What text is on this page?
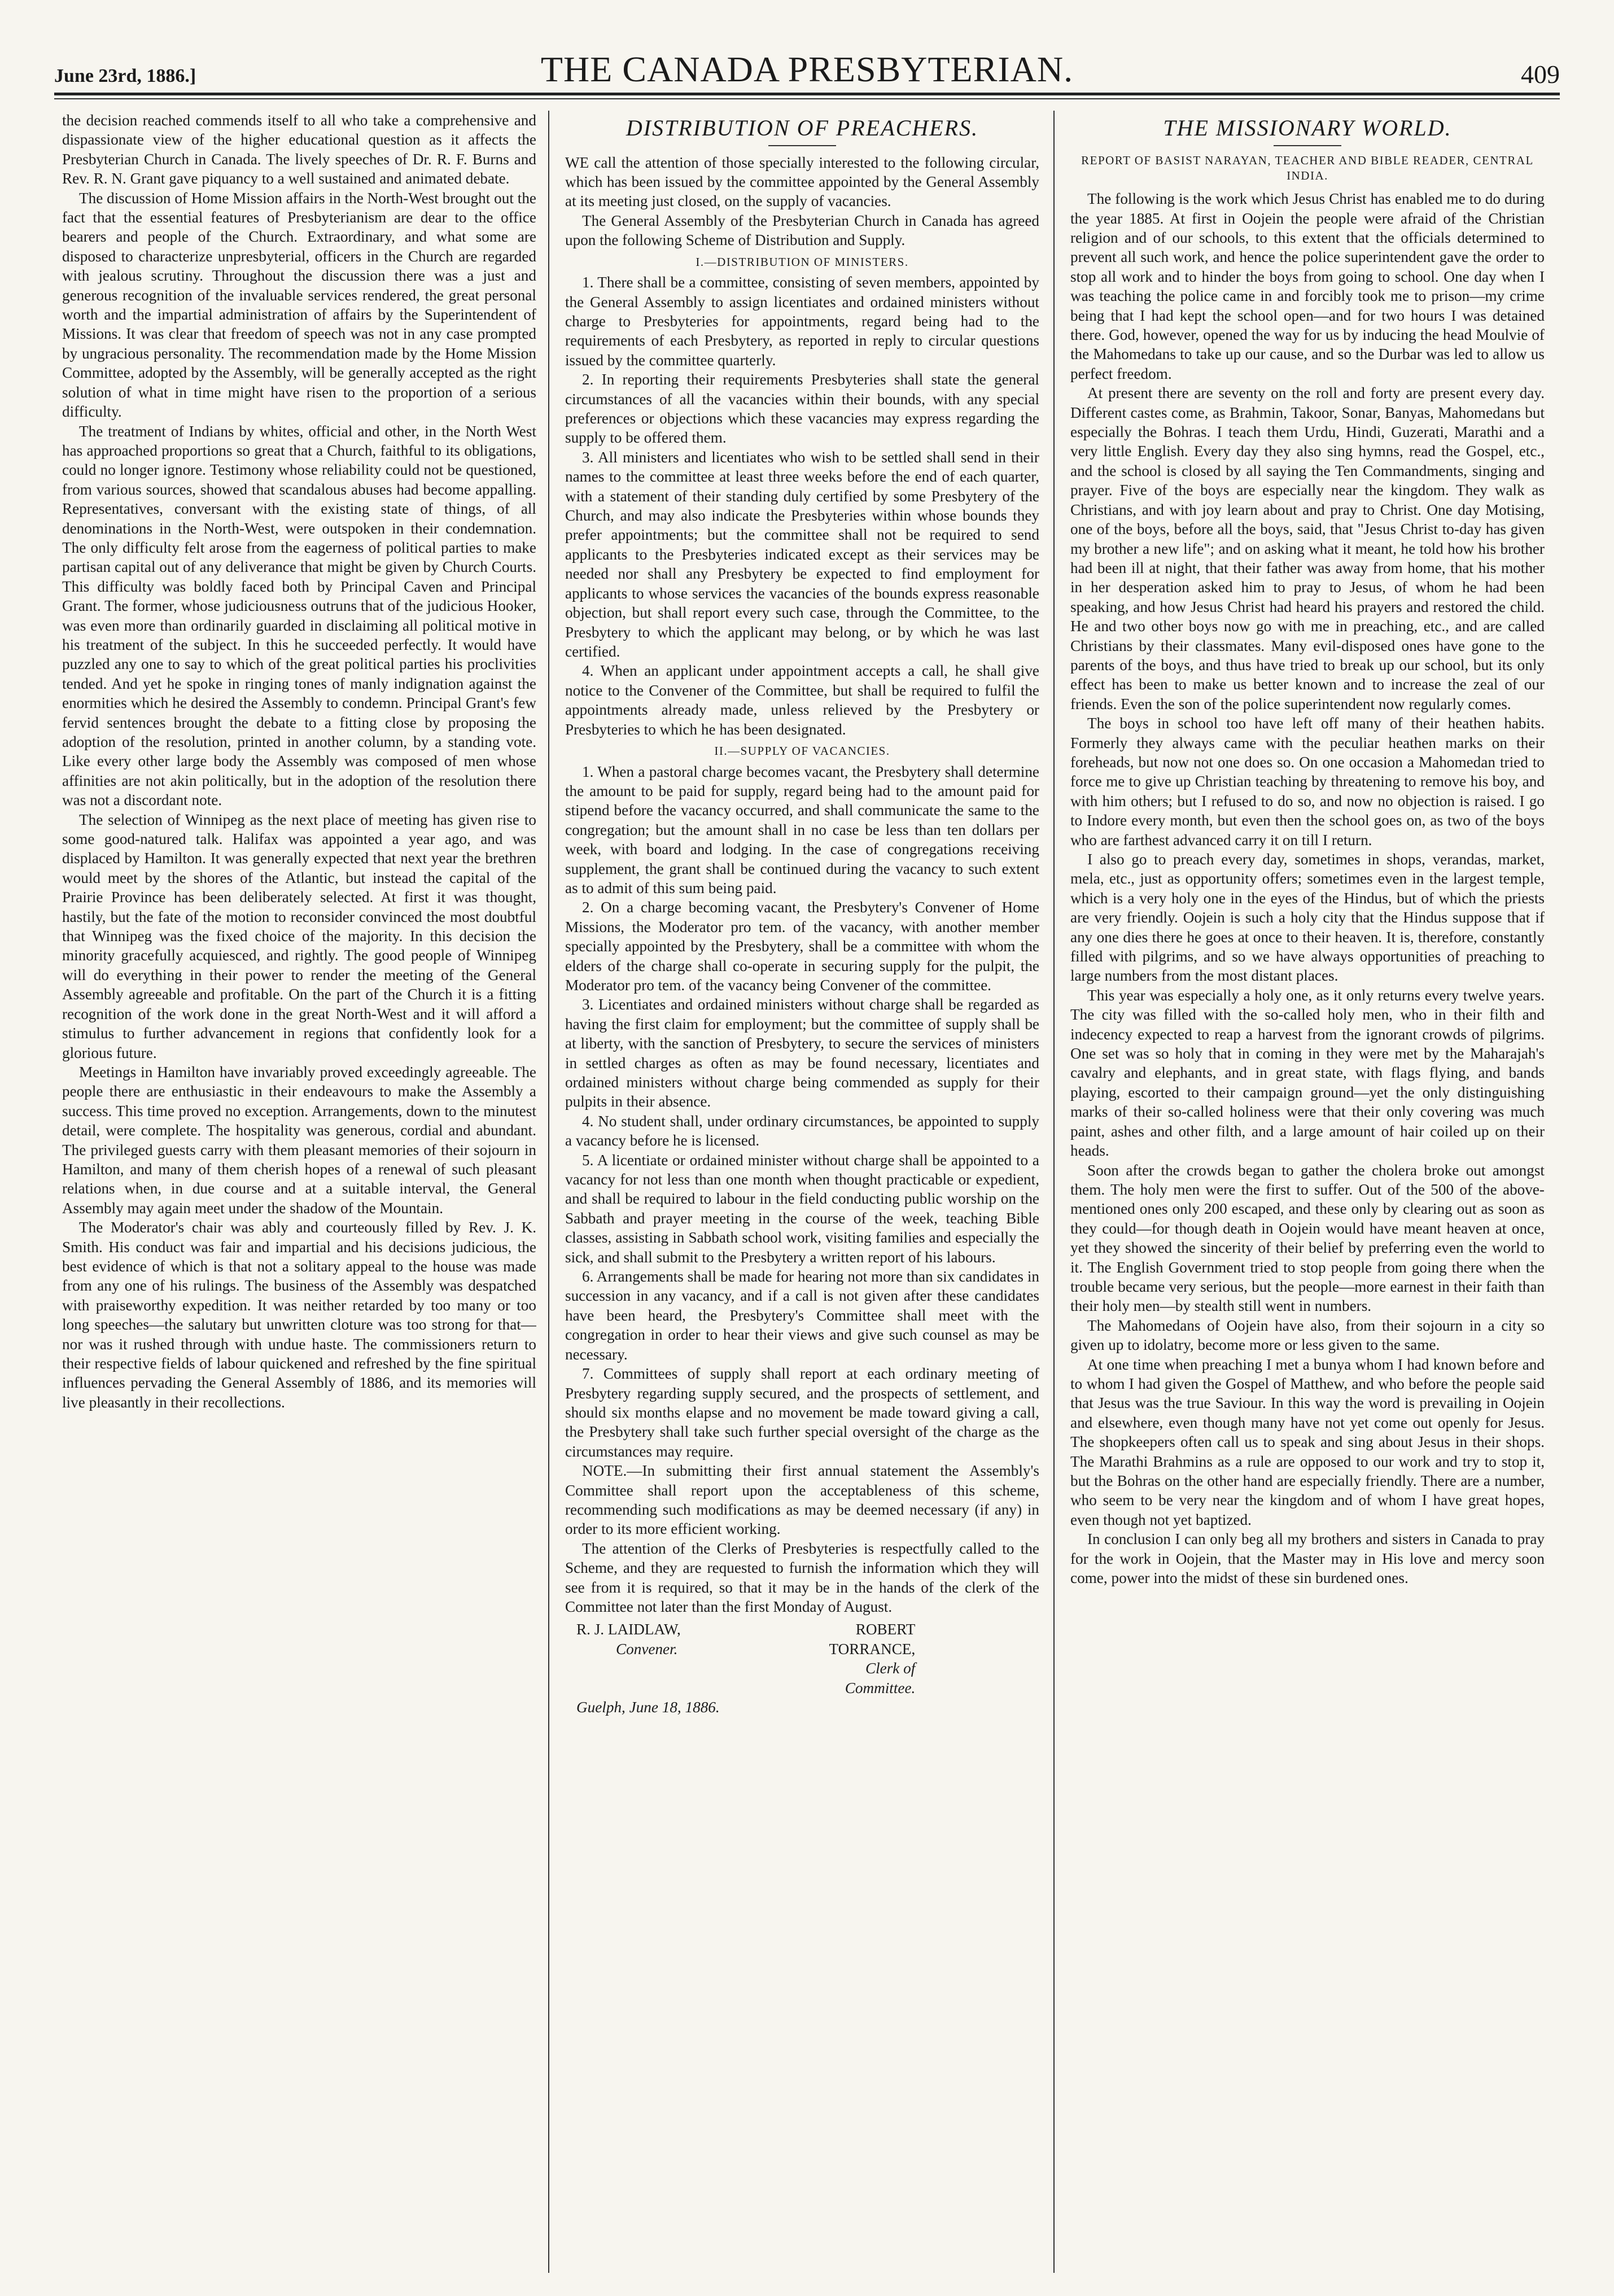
June 23rd, 1886.]	THE CANADA PRESBYTERIAN.	409

the decision reached commends itself to all who take a comprehensive and dispassionate view of the higher educational question as it affects the Presbyterian Church in Canada. The lively speeches of Dr. R. F. Burns and Rev. R. N. Grant gave piquancy to a well sustained and animated debate.

The discussion of Home Mission affairs in the North-West brought out the fact that the essential features of Presbyterianism are dear to the office bearers and people of the Church. Extraordinary, and what some are disposed to characterize unpresbyterial, officers in the Church are regarded with jealous scrutiny. Throughout the discussion there was a just and generous recognition of the invaluable services rendered, the great personal worth and the impartial administration of affairs by the Superintendent of Missions. It was clear that freedom of speech was not in any case prompted by ungracious personality. The recommendation made by the Home Mission Committee, adopted by the Assembly, will be generally accepted as the right solution of what in time might have risen to the proportion of a serious difficulty.

The treatment of Indians by whites, official and other, in the North West has approached proportions so great that a Church, faithful to its obligations, could no longer ignore. Testimony whose reliability could not be questioned, from various sources, showed that scandalous abuses had become appalling. Representatives, conversant with the existing state of things, of all denominations in the North-West, were outspoken in their condemnation. The only difficulty felt arose from the eagerness of political parties to make partisan capital out of any deliverance that might be given by Church Courts. This difficulty was boldly faced both by Principal Caven and Principal Grant. The former, whose judiciousness outruns that of the judicious Hooker, was even more than ordinarily guarded in disclaiming all political motive in his treatment of the subject. In this he succeeded perfectly. It would have puzzled any one to say to which of the great political parties his proclivities tended. And yet he spoke in ringing tones of manly indignation against the enormities which he desired the Assembly to condemn. Principal Grant's few fervid sentences brought the debate to a fitting close by proposing the adoption of the resolution, printed in another column, by a standing vote. Like every other large body the Assembly was composed of men whose affinities are not akin politically, but in the adoption of the resolution there was not a discordant note.

The selection of Winnipeg as the next place of meeting has given rise to some good-natured talk. Halifax was appointed a year ago, and was displaced by Hamilton. It was generally expected that next year the brethren would meet by the shores of the Atlantic, but instead the capital of the Prairie Province has been deliberately selected. At first it was thought, hastily, but the fate of the motion to reconsider convinced the most doubtful that Winnipeg was the fixed choice of the majority. In this decision the minority gracefully acquiesced, and rightly. The good people of Winnipeg will do everything in their power to render the meeting of the General Assembly agreeable and profitable. On the part of the Church it is a fitting recognition of the work done in the great North-West and it will afford a stimulus to further advancement in regions that confidently look for a glorious future.

Meetings in Hamilton have invariably proved exceedingly agreeable. The people there are enthusiastic in their endeavours to make the Assembly a success. This time proved no exception. Arrangements, down to the minutest detail, were complete. The hospitality was generous, cordial and abundant. The privileged guests carry with them pleasant memories of their sojourn in Hamilton, and many of them cherish hopes of a renewal of such pleasant relations when, in due course and at a suitable interval, the General Assembly may again meet under the shadow of the Mountain.

The Moderator's chair was ably and courteously filled by Rev. J. K. Smith. His conduct was fair and impartial and his decisions judicious, the best evidence of which is that not a solitary appeal to the house was made from any one of his rulings. The business of the Assembly was despatched with praiseworthy expedition. It was neither retarded by too many or too long speeches—the salutary but unwritten cloture was too strong for that—nor was it rushed through with undue haste. The commissioners return to their respective fields of labour quickened and refreshed by the fine spiritual influences pervading the General Assembly of 1886, and its memories will live pleasantly in their recollections.

DISTRIBUTION OF PREACHERS.

WE call the attention of those specially interested to the following circular, which has been issued by the committee appointed by the General Assembly at its meeting just closed, on the supply of vacancies.

The General Assembly of the Presbyterian Church in Canada has agreed upon the following Scheme of Distribution and Supply.

I.—DISTRIBUTION OF MINISTERS.

1. There shall be a committee, consisting of seven members, appointed by the General Assembly to assign licentiates and ordained ministers without charge to Presbyteries for appointments, regard being had to the requirements of each Presbytery, as reported in reply to circular questions issued by the committee quarterly.

2. In reporting their requirements Presbyteries shall state the general circumstances of all the vacancies within their bounds, with any special preferences or objections which these vacancies may express regarding the supply to be offered them.

3. All ministers and licentiates who wish to be settled shall send in their names to the committee at least three weeks before the end of each quarter, with a statement of their standing duly certified by some Presbytery of the Church, and may also indicate the Presbyteries within whose bounds they prefer appointments; but the committee shall not be required to send applicants to the Presbyteries indicated except as their services may be needed nor shall any Presbytery be expected to find employment for applicants to whose services the vacancies of the bounds express reasonable objection, but shall report every such case, through the Committee, to the Presbytery to which the applicant may belong, or by which he was last certified.

4. When an applicant under appointment accepts a call, he shall give notice to the Convener of the Committee, but shall be required to fulfil the appointments already made, unless relieved by the Presbytery or Presbyteries to which he has been designated.

II.—SUPPLY OF VACANCIES.

1. When a pastoral charge becomes vacant, the Presbytery shall determine the amount to be paid for supply, regard being had to the amount paid for stipend before the vacancy occurred, and shall communicate the same to the congregation; but the amount shall in no case be less than ten dollars per week, with board and lodging. In the case of congregations receiving supplement, the grant shall be continued during the vacancy to such extent as to admit of this sum being paid.

2. On a charge becoming vacant, the Presbytery's Convener of Home Missions, the Moderator pro tem. of the vacancy, with another member specially appointed by the Presbytery, shall be a committee with whom the elders of the charge shall co-operate in securing supply for the pulpit, the Moderator pro tem. of the vacancy being Convener of the committee.

3. Licentiates and ordained ministers without charge shall be regarded as having the first claim for employment; but the committee of supply shall be at liberty, with the sanction of Presbytery, to secure the services of ministers in settled charges as often as may be found necessary, licentiates and ordained ministers without charge being commended as supply for their pulpits in their absence.

4. No student shall, under ordinary circumstances, be appointed to supply a vacancy before he is licensed.

5. A licentiate or ordained minister without charge shall be appointed to a vacancy for not less than one month when thought practicable or expedient, and shall be required to labour in the field conducting public worship on the Sabbath and prayer meeting in the course of the week, teaching Bible classes, assisting in Sabbath school work, visiting families and especially the sick, and shall submit to the Presbytery a written report of his labours.

6. Arrangements shall be made for hearing not more than six candidates in succession in any vacancy, and if a call is not given after these candidates have been heard, the Presbytery's Committee shall meet with the congregation in order to hear their views and give such counsel as may be necessary.

7. Committees of supply shall report at each ordinary meeting of Presbytery regarding supply secured, and the prospects of settlement, and should six months elapse and no movement be made toward giving a call, the Presbytery shall take such further special oversight of the charge as the circumstances may require.

NOTE.—In submitting their first annual statement the Assembly's Committee shall report upon the acceptableness of this scheme, recommending such modifications as may be deemed necessary (if any) in order to its more efficient working.

The attention of the Clerks of Presbyteries is respectfully called to the Scheme, and they are requested to furnish the information which they will see from it is required, so that it may be in the hands of the clerk of the Committee not later than the first Monday of August.

R. J. LAIDLAW,
Convener.
ROBERT TORRANCE,
Clerk of Committee.
Guelph, June 18, 1886.
THE MISSIONARY WORLD.
REPORT OF BASIST NARAYAN, TEACHER AND BIBLE READER, CENTRAL INDIA.

The following is the work which Jesus Christ has enabled me to do during the year 1885. At first in Oojein the people were afraid of the Christian religion and of our schools, to this extent that the officials determined to prevent all such work, and hence the police superintendent gave the order to stop all work and to hinder the boys from going to school. One day when I was teaching the police came in and forcibly took me to prison—my crime being that I had kept the school open—and for two hours I was detained there. God, however, opened the way for us by inducing the head Moulvie of the Mahomedans to take up our cause, and so the Durbar was led to allow us perfect freedom.

At present there are seventy on the roll and forty are present every day. Different castes come, as Brahmin, Takoor, Sonar, Banyas, Mahomedans but especially the Bohras. I teach them Urdu, Hindi, Guzerati, Marathi and a very little English. Every day they also sing hymns, read the Gospel, etc., and the school is closed by all saying the Ten Commandments, singing and prayer. Five of the boys are especially near the kingdom. They walk as Christians, and with joy learn about and pray to Christ. One day Motising, one of the boys, before all the boys, said, that "Jesus Christ to-day has given my brother a new life"; and on asking what it meant, he told how his brother had been ill at night, that their father was away from home, that his mother in her desperation asked him to pray to Jesus, of whom he had been speaking, and how Jesus Christ had heard his prayers and restored the child. He and two other boys now go with me in preaching, etc., and are called Christians by their classmates. Many evil-disposed ones have gone to the parents of the boys, and thus have tried to break up our school, but its only effect has been to make us better known and to increase the zeal of our friends. Even the son of the police superintendent now regularly comes.

The boys in school too have left off many of their heathen habits. Formerly they always came with the peculiar heathen marks on their foreheads, but now not one does so. On one occasion a Mahomedan tried to force me to give up Christian teaching by threatening to remove his boy, and with him others; but I refused to do so, and now no objection is raised. I go to Indore every month, but even then the school goes on, as two of the boys who are farthest advanced carry it on till I return.

I also go to preach every day, sometimes in shops, verandas, market, mela, etc., just as opportunity offers; sometimes even in the largest temple, which is a very holy one in the eyes of the Hindus, but of which the priests are very friendly. Oojein is such a holy city that the Hindus suppose that if any one dies there he goes at once to their heaven. It is, therefore, constantly filled with pilgrims, and so we have always opportunities of preaching to large numbers from the most distant places.

This year was especially a holy one, as it only returns every twelve years. The city was filled with the so-called holy men, who in their filth and indecency expected to reap a harvest from the ignorant crowds of pilgrims. One set was so holy that in coming in they were met by the Maharajah's cavalry and elephants, and in great state, with flags flying, and bands playing, escorted to their campaign ground—yet the only distinguishing marks of their so-called holiness were that their only covering was much paint, ashes and other filth, and a large amount of hair coiled up on their heads.

Soon after the crowds began to gather the cholera broke out amongst them. The holy men were the first to suffer. Out of the 500 of the above-mentioned ones only 200 escaped, and these only by clearing out as soon as they could—for though death in Oojein would have meant heaven at once, yet they showed the sincerity of their belief by preferring even the world to it. The English Government tried to stop people from going there when the trouble became very serious, but the people—more earnest in their faith than their holy men—by stealth still went in numbers.

The Mahomedans of Oojein have also, from their sojourn in a city so given up to idolatry, become more or less given to the same.

At one time when preaching I met a bunya whom I had known before and to whom I had given the Gospel of Matthew, and who before the people said that Jesus was the true Saviour. In this way the word is prevailing in Oojein and elsewhere, even though many have not yet come out openly for Jesus. The shopkeepers often call us to speak and sing about Jesus in their shops. The Marathi Brahmins as a rule are opposed to our work and try to stop it, but the Bohras on the other hand are especially friendly. There are a number, who seem to be very near the kingdom and of whom I have great hopes, even though not yet baptized.

In conclusion I can only beg all my brothers and sisters in Canada to pray for the work in Oojein, that the Master may in His love and mercy soon come, power into the midst of these sin burdened ones.
